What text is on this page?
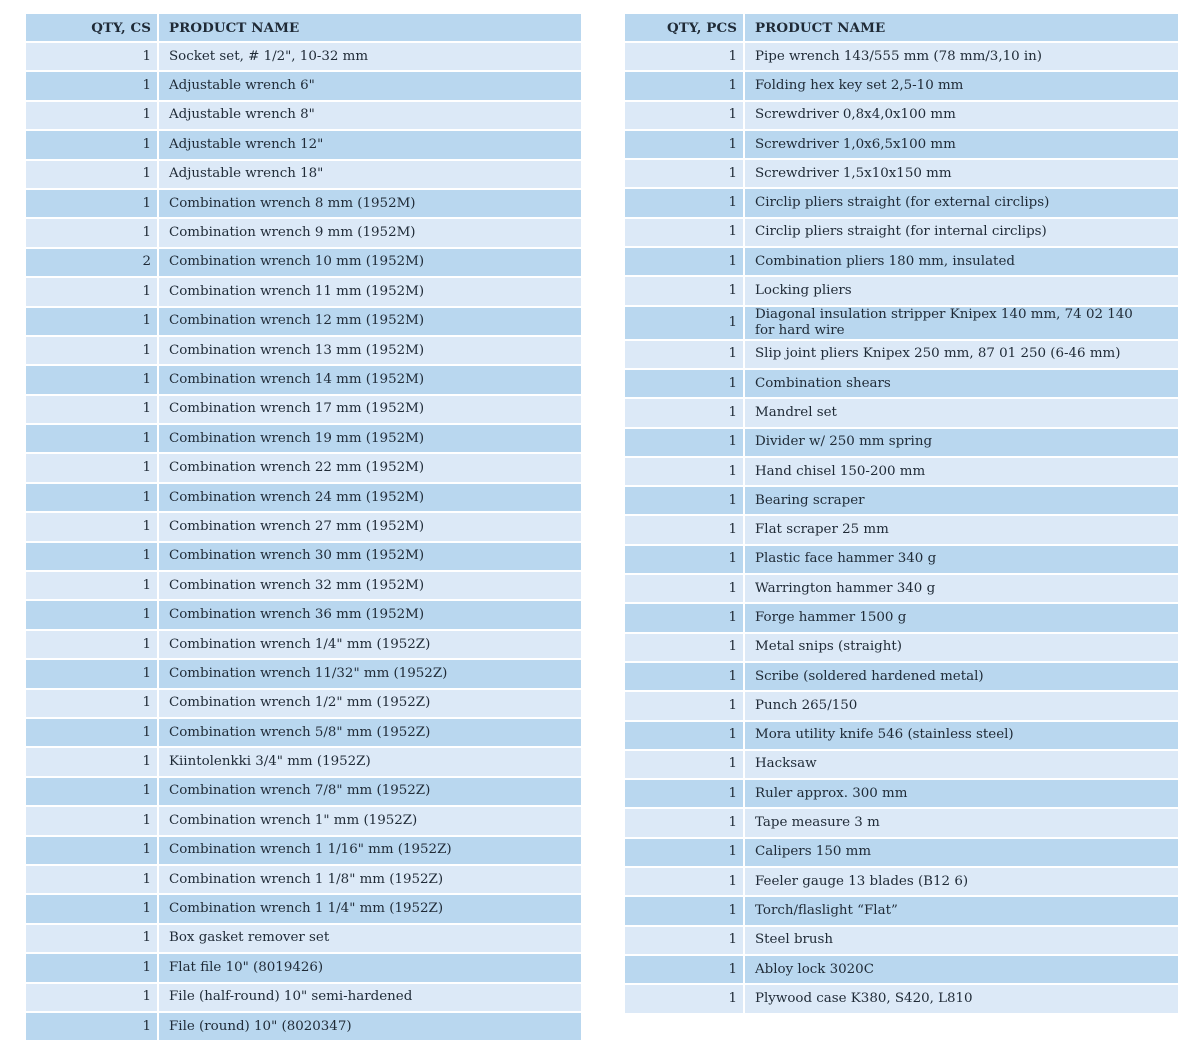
QTY, CS	PRODUCT NAME
1	Socket set, # 1/2", 10-32 mm

1	Adjustable wrench 6"

1	Adjustable wrench 8"

1	Adjustable wrench 12"

1	Adjustable wrench 18"

1	Combination wrench 8 mm (1952M)

1	Combination wrench 9 mm (1952M)

2	Combination wrench 10 mm (1952M)

1	Combination wrench 11 mm (1952M)

1	Combination wrench 12 mm (1952M)

1	Combination wrench 13 mm (1952M)

1	Combination wrench 14 mm (1952M)

1	Combination wrench 17 mm (1952M)

1	Combination wrench 19 mm (1952M)

1	Combination wrench 22 mm (1952M)

1	Combination wrench 24 mm (1952M)

1	Combination wrench 27 mm (1952M)

1	Combination wrench 30 mm (1952M)

1	Combination wrench 32 mm (1952M)

1	Combination wrench 36 mm (1952M)

1	Combination wrench 1/4" mm (1952Z)

1	Combination wrench 11/32" mm (1952Z)

1	Combination wrench 1/2" mm (1952Z)

1	Combination wrench 5/8" mm (1952Z)

1	Kiintolenkki 3/4" mm (1952Z)

1	Combination wrench 7/8" mm (1952Z)

1	Combination wrench 1" mm (1952Z)

1	Combination wrench 1 1/16" mm (1952Z)

1	Combination wrench 1 1/8" mm (1952Z)

1	Combination wrench 1 1/4" mm (1952Z)

1	Box gasket remover set

1	Flat file 10" (8019426)

1	File (half-round) 10" semi-hardened

1	File (round) 10" (8020347)
QTY, PCS	PRODUCT NAME
1	Pipe wrench 143/555 mm (78 mm/3,10 in)

1	Folding hex key set 2,5-10 mm

1	Screwdriver 0,8x4,0x100 mm

1	Screwdriver 1,0x6,5x100 mm

1	Screwdriver 1,5x10x150 mm

1	Circlip pliers straight (for external circlips)

1	Circlip pliers straight (for internal circlips)

1	Combination pliers 180 mm, insulated

1	Locking pliers

1	Diagonal insulation stripper Knipex 140 mm, 74 02 140 for hard wire

1	Slip joint pliers Knipex 250 mm, 87 01 250 (6-46 mm)

1	Combination shears

1	Mandrel set

1	Divider w/ 250 mm spring

1	Hand chisel 150-200 mm

1	Bearing scraper

1	Flat scraper 25 mm

1	Plastic face hammer 340 g

1	Warrington hammer 340 g

1	Forge hammer 1500 g

1	Metal snips (straight)

1	Scribe (soldered hardened metal)

1	Punch 265/150

1	Mora utility knife 546 (stainless steel)

1	Hacksaw

1	Ruler approx. 300 mm

1	Tape measure 3 m

1	Calipers 150 mm

1	Feeler gauge 13 blades (B12 6)

1	Torch/flaslight “Flat”

1	Steel brush

1	Abloy lock 3020C

1	Plywood case K380, S420, L810
